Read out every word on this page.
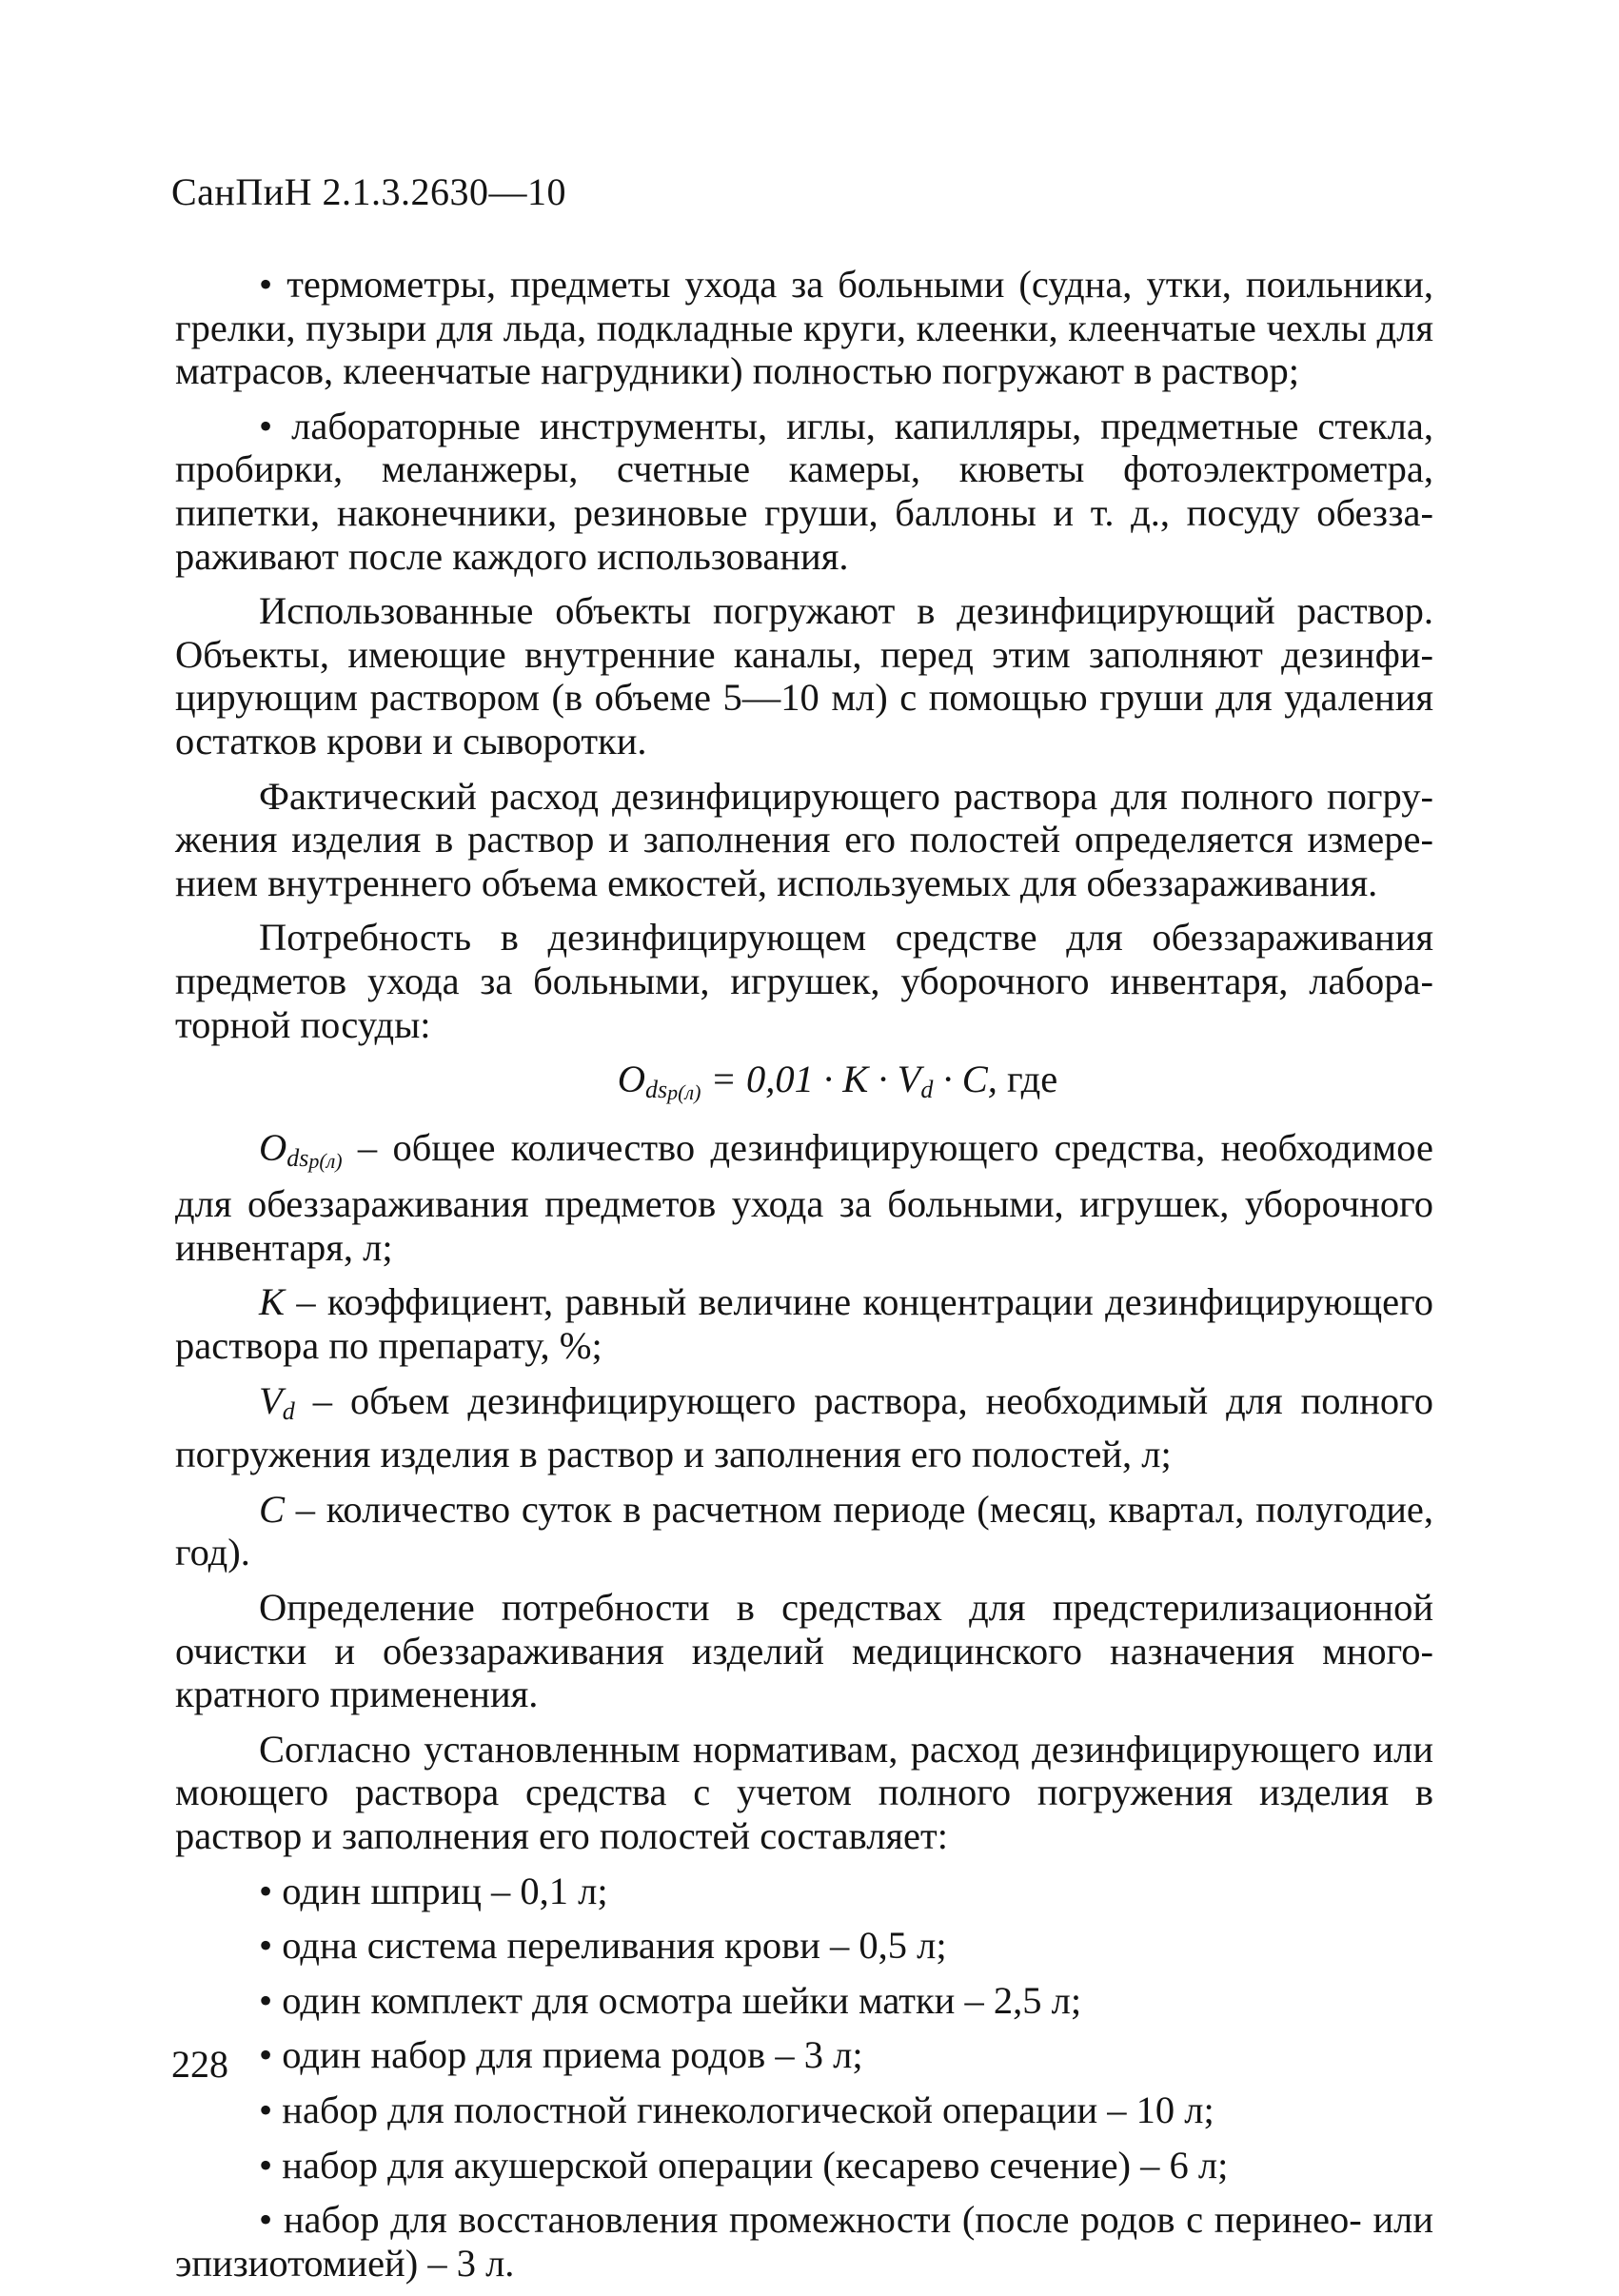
СанПиН 2.1.3.2630—10

• термометры, предметы ухода за больными (судна, утки, поильники, грелки, пузыри для льда, подкладные круги, клеенки, клеенчатые чехлы для матрасов, клеенчатые нагрудники) полностью погружают в раствор;

• лабораторные инструменты, иглы, капилляры, предметные стекла, пробирки, меланжеры, счетные камеры, кюветы фотоэлектрометра, пипетки, наконечники, резиновые груши, баллоны и т. д., посуду обеззараживают после каждого использования.

Использованные объекты погружают в дезинфицирующий раствор. Объекты, имеющие внутренние каналы, перед этим заполняют дезинфицирующим раствором (в объеме 5—10 мл) с помощью груши для удаления остатков крови и сыворотки.

Фактический расход дезинфицирующего раствора для полного погружения изделия в раствор и заполнения его полостей определяется измерением внутреннего объема емкостей, используемых для обеззараживания.

Потребность в дезинфицирующем средстве для обеззараживания предметов ухода за больными, игрушек, уборочного инвентаря, лабораторной посуды:

$O_{ds}p(л) = 0,01 \cdot K \cdot V_d \cdot C$, где

$O_{ds}p(л)$ – общее количество дезинфицирующего средства, необходимое для обеззараживания предметов ухода за больными, игрушек, уборочного инвентаря, л;

K – коэффициент, равный величине концентрации дезинфицирующего раствора по препарату, %;

$V_d$ – объем дезинфицирующего раствора, необходимый для полного погружения изделия в раствор и заполнения его полостей, л;

C – количество суток в расчетном периоде (месяц, квартал, полугодие, год).

Определение потребности в средствах для предстерилизационной очистки и обеззараживания изделий медицинского назначения многократного применения.

Согласно установленным нормативам, расход дезинфицирующего или моющего раствора средства с учетом полного погружения изделия в раствор и заполнения его полостей составляет:

• один шприц – 0,1 л;

• одна система переливания крови – 0,5 л;

• один комплект для осмотра шейки матки – 2,5 л;

• один набор для приема родов – 3 л;

• набор для полостной гинекологической операции – 10 л;

• набор для акушерской операции (кесарево сечение) – 6 л;

• набор для восстановления промежности (после родов с перинео- или эпизиотомией) – 3 л.

228
